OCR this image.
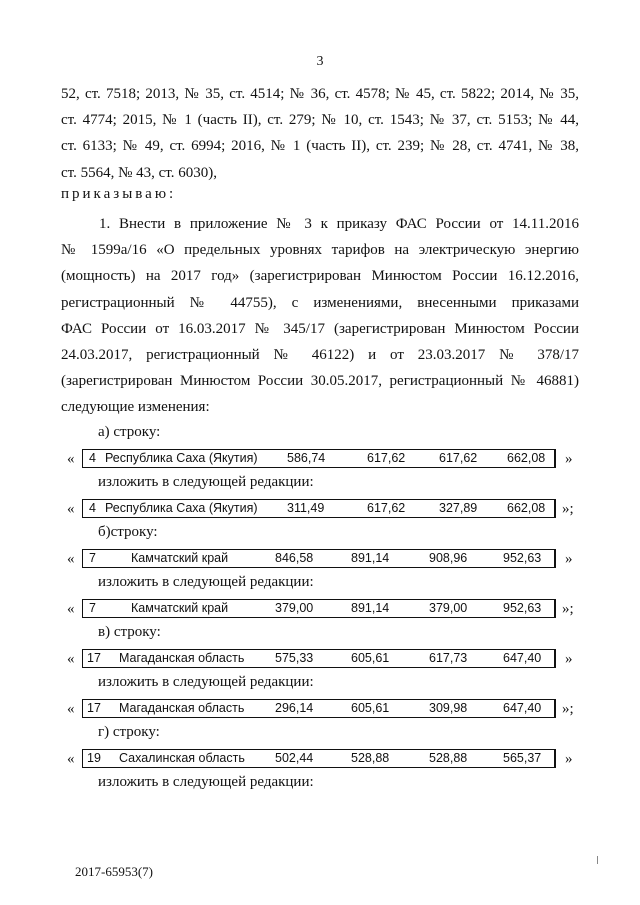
3
52, ст. 7518; 2013, № 35, ст. 4514; № 36, ст. 4578; № 45, ст. 5822; 2014, № 35,
ст. 4774; 2015, № 1 (часть II), ст. 279; № 10, ст. 1543; № 37, ст. 5153; № 44,
ст. 6133; № 49, ст. 6994; 2016, № 1 (часть II), ст. 239; № 28, ст. 4741, № 38,
ст. 5564, № 43, ст. 6030),
приказываю:
1. Внести в приложение № 3 к приказу ФАС России от 14.11.2016
№ 1599а/16 «О предельных уровнях тарифов на электрическую энергию
(мощность) на 2017 год» (зарегистрирован Минюстом России 16.12.2016,
регистрационный № 44755), с изменениями, внесенными приказами
ФАС России от 16.03.2017 № 345/17 (зарегистрирован Минюстом России
24.03.2017, регистрационный № 46122) и от 23.03.2017 № 378/17
(зарегистрирован Минюстом России 30.05.2017, регистрационный № 46881)
следующие изменения:
а) строку:
« 4 Республика Саха (Якутия) 586,74	617,62	617,62 662,08 »
изложить в следующей редакции:
« 4 Республика Саха (Якутия) 311,49	617,62	327,89 662,08 »;
б)строку:
« 7	Камчатский край	846,58	891,14	908,96	952,63 »
изложить в следующей редакции:
« 7	Камчатский край	379,00	891,14	379,00	952,63 »;
в) строку:
« 17 Магаданская область 575,33	605,61	617,73	647,40 »
изложить в следующей редакции:
« 17 Магаданская область 296,14	605,61	309,98	647,40 »;
г) строку:
« 19 Сахалинская область 502,44	528,88	528,88	565,37 »
изложить в следующей редакции:
2017-65953(7)
